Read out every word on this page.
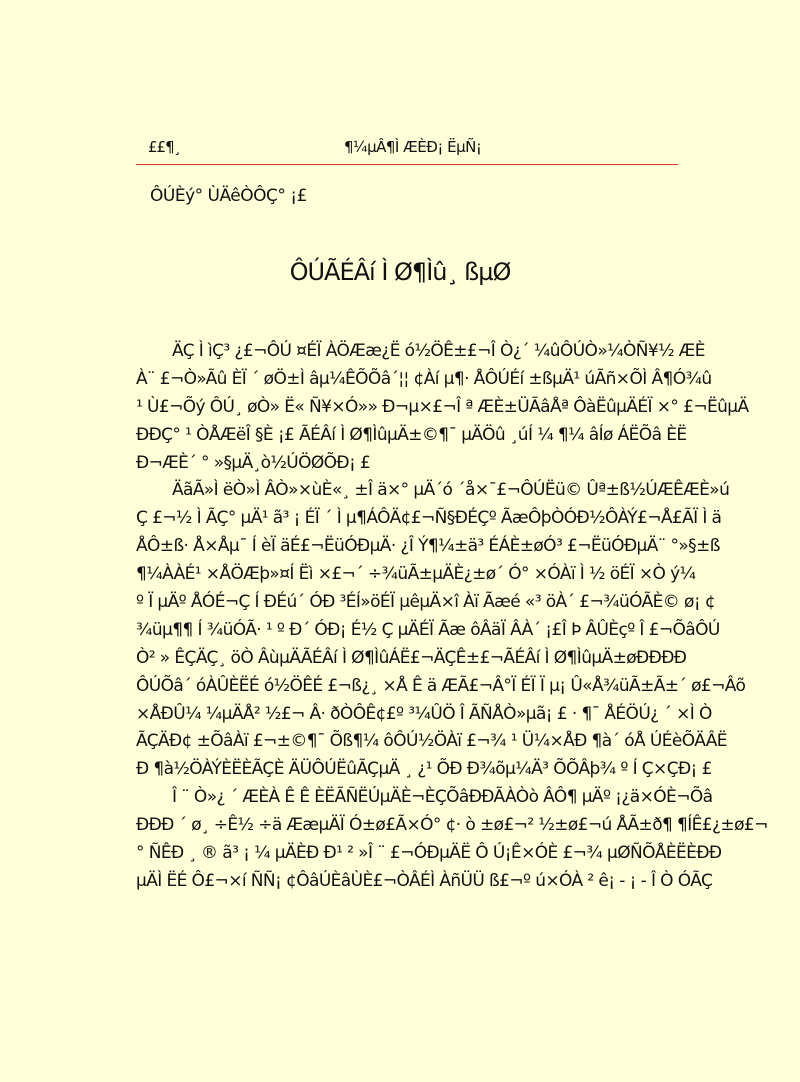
££¶¸	¶¼µÂ¶Ì ÆÈÐ¡ ËµÑ¡
ÔÚÈý° ÙÄêÒÔÇ° ¡£
ÔÚÃÉÂí Ì Ø¶Ìû¸ ßµØ
ÄÇ Ì ìÇ³ ¿£¬ÔÚ ¤ÉÏ ÀÖÆæ¿Ë ó½ÖÊ±£¬Î Ò¿´ ¼ûÔÚÒ»¼ÒÑ¥½ ÆÈ
À¨ £¬Ò»Ãû ÈÏ ´ øÖ±Ì âµ¼ÊÕÕâ´¦¦ ¢Àí µ¶· ÅÔÚÉí ±ßµÄ¹ úÃñ×ÕÌ Â¶Ó¾û
¹ Ù£¬Õý ÔÚ¸ øÒ» Ë« Ñ¥×Ó»» Ð¬µ×£¬Î ª ÆÈ±ÜÃâÅª ÔàËûµÄÉÏ ×° £¬ËûµÄ
ÐÐÇ° ¹ ÒÅÆëÎ §È ¡£ ÃÉÂí Ì Ø¶ÌûµÄ±©¶¯ µÄÖû ¸úÍ ¼ ¶¼ âÍø ÁËÕâ ÈË
Ð¬ÆÈ´ ° »§µÄ¸ò½ÚÖØÕÐ¡ £
ÄãÃ»Ì ëÒ»Ì ÂÒ»×ùÈ«¸ ±Î ä×° µÄ´ó ´å×¯£¬ÔÚËü© Ûª±ß½ÚÆÊÆÈ»ú
Ç £¬½ Ì ÃÇ° µÄ¹ ã³ ¡ ÉÏ ´ Ì µ¶ÁÔÄ¢£¬Ñ§ÐÉÇº ÃæÔþÒÓÐ½ÔÀÝ£¬Å£ÃÏ Ì ä
ÅÔ±ß· Å×Åµ¯ Í èÏ äÉ£¬ËüÓÐµÄ· ¿Î Ý¶¼±ä³ ÉÁÈ±øÓ³ £¬ËüÓÐµÄ¨ °»§±ß
¶¼ÀÀÉ¹ ×ÅÖÆþ»¤Í Ëì ×£¬´ ÷¾üÃ±µÄÈ¿±ø´ Ó° ×ÓÀï Ì ½ öÉÏ ×Ò ý¼
º Ï µÄº ÅÓÉ¬Ç Í ÐÉú´ ÓÐ ³ÉÍ»öÉÏ µêµÄ×î Àï Ãæé «³ öÀ´ £¬¾üÓÃÈ© ø¡ ¢
¾üµ¶¶ Í ¾üÓÃ· ¹ º Ð´ ÓÐ¡ É½ Ç µÄÉÏ Ãæ ôÂäÏ ÂÀ´ ¡£Î Þ ÂÛÈçº Î £¬ÕâÔÚ
Ò² » ÊÇÄÇ¸ öÒ ÂùµÄÃÉÂí Ì Ø¶ÌûÁË£¬ÄÇÊ±£¬ÃÉÂí Ì Ø¶ÌûµÄ±øÐÐÐÐ
ÔÚÕâ´ óÀÛÈËÉ ó½ÖÊÉ £¬ß¿¸ ×Å Ê ä ÆÃ£¬Â°Ï ÉÏ Ï µ¡ Û«Å¾üÃ±Ã±´ ø£¬Âõ
×ÅÐÛ¼ ¼µÄÅ² ½£¬ Â· ðÒÔÊ¢£º ³¼ÛÖ Î ÃÑÅÒ»µã¡ £ · ¶¯ ÅÉÖÚ¿ ´ ×Ì Ò
ÃÇÄÐ¢ ±ÕâÀï £¬±©¶¯ Õß¶¼ ôÔÚ½ÖÀï £¬¾ ¹ Ü¼×ÅÐ ¶à´ óÅ ÚÉèÕÄÂË
Ð ¶à½ÖÀÝÈËÈÃÇÈ ÄÜÔÚËûÃÇµÄ ¸ ¿¹ ÕÐ Ð¾õµ¼Ä³ ÕÕÂþ¾ º Í Ç×ÇÐ¡ £
Î ¨ Ò»¿ ´ ÆÈÀ Ê Ê ÈËÃÑËÚµÄÈ¬ÈÇÕâÐÐÃÀÒò ÂÔ¶ µÄº ¡¿ä×ÓÈ¬Õâ
ÐÐÐ ´ ø¸ ÷Ê½ ÷ä ÆæµÄÏ Ó±ø£Ã×Ó° ¢· ò ±ø£¬² ½±ø£¬ú ÅÃ±ð¶ ¶ÍÊ£¿±ø£¬
° ÑÊÐ ¸ ® ã³ ¡ ¼ µÄÈÐ Ð¹ ² »Î ¨ £¬ÓÐµÄË Ô Ú¡Ê×ÓÈ £¬¾ µØÑÕÅÈËÈÐÐ
µÄÌ ËÉ Ô£¬×í ÑÑ¡ ¢ÔâÚÈâÙÈ£¬ÒÂÉÌ ÀñÜÜ ß£¬º ú×ÓÀ ² ê¡ - ¡ - Î Ò ÓÃÇ
